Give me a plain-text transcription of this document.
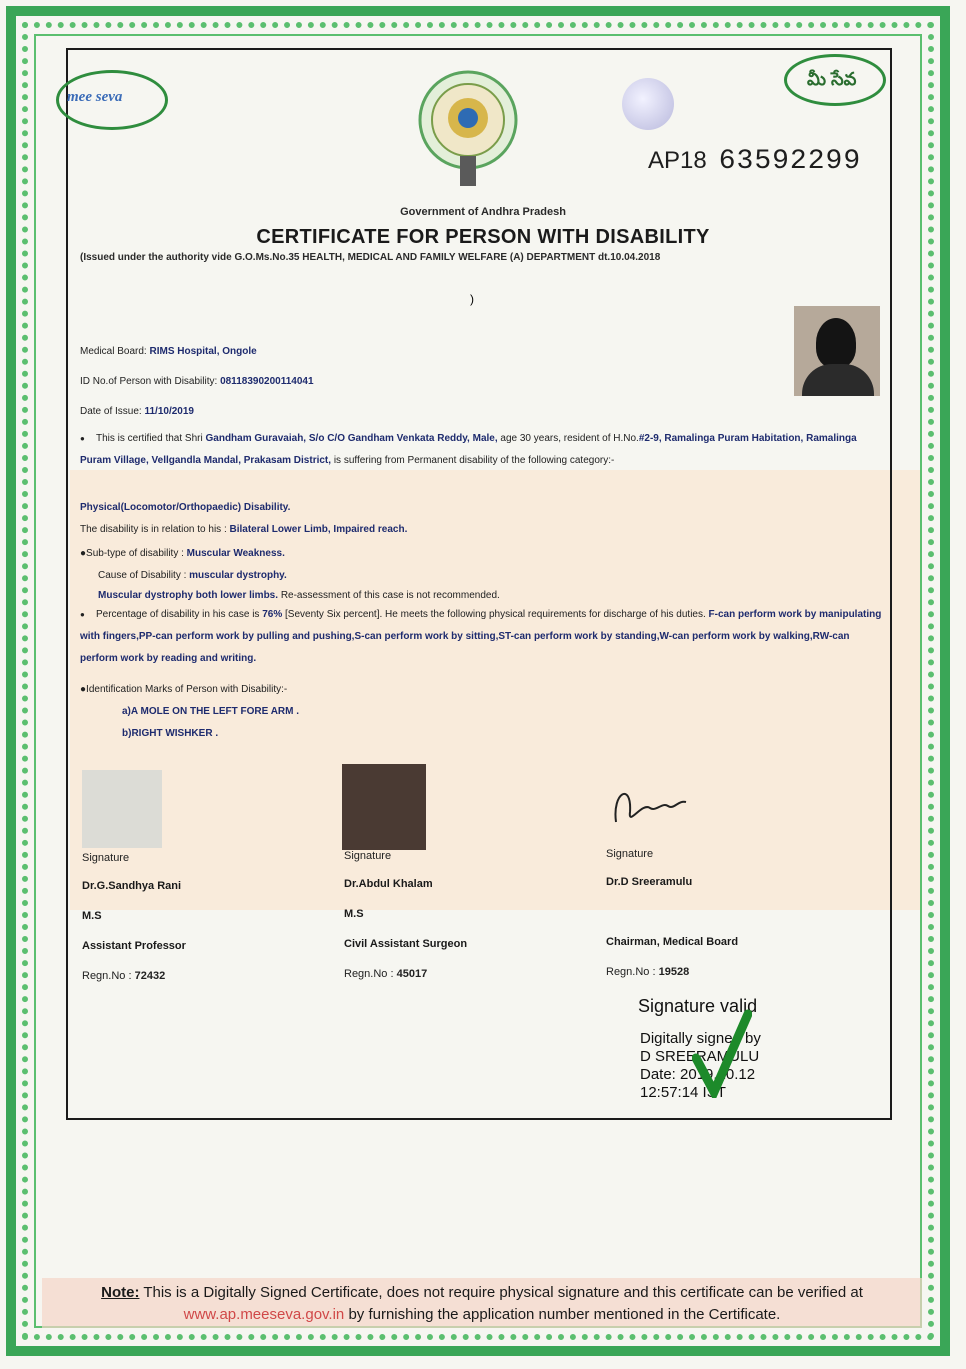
mee seva
మీ సేవ
AP18 63592299
Government of Andhra Pradesh
CERTIFICATE FOR PERSON WITH DISABILITY
(Issued under the authority vide G.O.Ms.No.35 HEALTH, MEDICAL AND FAMILY WELFARE (A) DEPARTMENT dt.10.04.2018
)
Medical Board: RIMS Hospital, Ongole
ID No.of Person with Disability: 08118390200114041
Date of Issue: 11/10/2019
● This is certified that Shri Gandham Guravaiah, S/o C/O Gandham Venkata Reddy, Male, age 30 years, resident of H.No.#2-9, Ramalinga Puram Habitation, Ramalinga Puram Village, Vellgandla Mandal, Prakasam District, is suffering from Permanent disability of the following category:-
Physical(Locomotor/Orthopaedic) Disability.
The disability is in relation to his : Bilateral Lower Limb, Impaired reach.
●Sub-type of disability : Muscular Weakness.
Cause of Disability : muscular dystrophy.
Muscular dystrophy both lower limbs. Re-assessment of this case is not recommended.
● Percentage of disability in his case is 76% [Seventy Six percent]. He meets the following physical requirements for discharge of his duties. F-can perform work by manipulating with fingers,PP-can perform work by pulling and pushing,S-can perform work by sitting,ST-can perform work by standing,W-can perform work by walking,RW-can perform work by reading and writing.
●Identification Marks of Person with Disability:-
a)A MOLE ON THE LEFT FORE ARM .
b)RIGHT WISHKER .
Signature
Dr.G.Sandhya Rani
M.S
Assistant Professor
Regn.No : 72432
Signature
Dr.Abdul Khalam
M.S
Civil Assistant Surgeon
Regn.No : 45017
Signature
Dr.D Sreeramulu
Chairman, Medical Board
Regn.No : 19528
Signature valid
Digitally signed by
D SREERAMULU
Date: 2019.10.12
12:57:14 IST
Note: This is a Digitally Signed Certificate, does not require physical signature and this certificate can be verified at www.ap.meeseva.gov.in by furnishing the application number mentioned in the Certificate.
